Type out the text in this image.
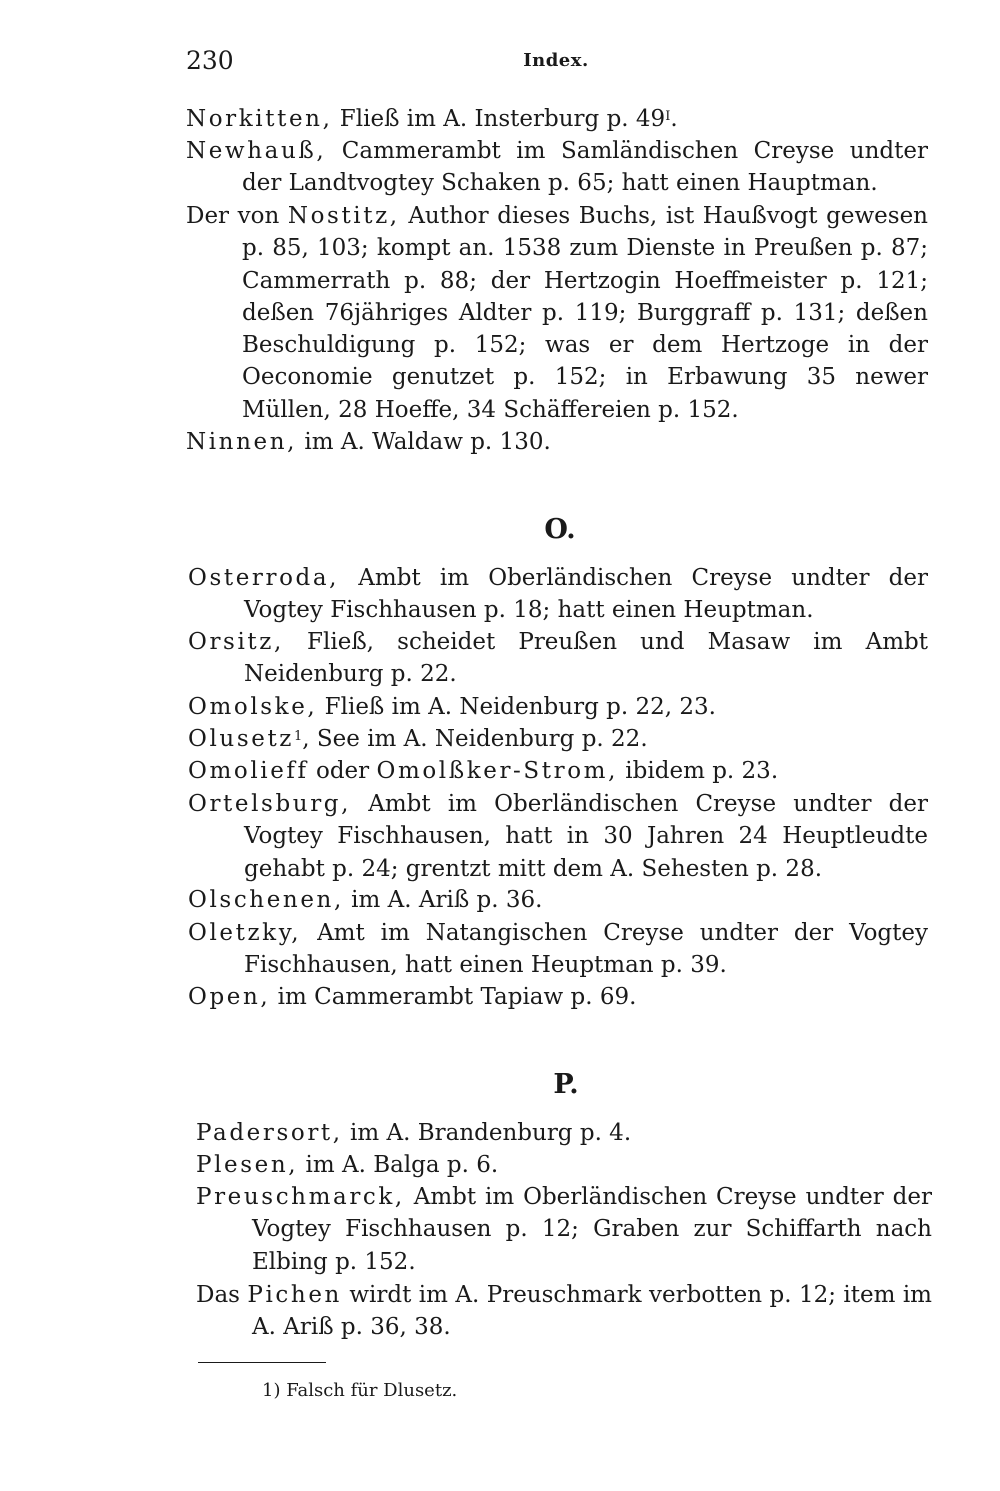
230	Index.
Norkitten, Fließ im A. Insterburg p. $49^I$.
Newhauß, Cammerambt im Samländischen Creyse undter der Landtvogtey Schaken p. 65; hatt einen Hauptman.
Der von Nostitz, Author dieses Buchs, ist Haußvogt gewesen p. 85, 103; kompt an. 1538 zum Dienste in Preußen p. 87; Cammerrath p. 88; der Hertzogin Hoeffmeister p. 121; deßen 76jähriges Aldter p. 119; Burggraff p. 131; deßen Beschuldigung p. 152; was er dem Hertzoge in der Oeconomie genutzet p. 152; in Erbawung 35 newer Müllen, 28 Hoeffe, 34 Schäffereien p. 152.
Ninnen, im A. Waldaw p. 130.
O.
Osterroda, Ambt im Oberländischen Creyse undter der Vogtey Fischhausen p. 18; hatt einen Heuptman.
Orsitz, Fließ, scheidet Preußen und Masaw im Ambt Neidenburg p. 22.
Omolske, Fließ im A. Neidenburg p. 22, 23.
Olusetz$^1$, See im A. Neidenburg p. 22.
Omolieff oder Omolßker-Strom, ibidem p. 23.
Ortelsburg, Ambt im Oberländischen Creyse undter der Vogtey Fischhausen, hatt in 30 Jahren 24 Heuptleudte gehabt p. 24; grentzt mitt dem A. Sehesten p. 28.
Olschenen, im A. Ariß p. 36.
Oletzky, Amt im Natangischen Creyse undter der Vogtey Fischhausen, hatt einen Heuptman p. 39.
Open, im Cammerambt Tapiaw p. 69.
P.
Padersort, im A. Brandenburg p. 4.
Plesen, im A. Balga p. 6.
Preuschmarck, Ambt im Oberländischen Creyse undter der Vogtey Fischhausen p. 12; Graben zur Schiffarth nach Elbing p. 152.
Das Pichen wirdt im A. Preuschmark verbotten p. 12; item im A. Ariß p. 36, 38.
1) Falsch für Dlusetz.
